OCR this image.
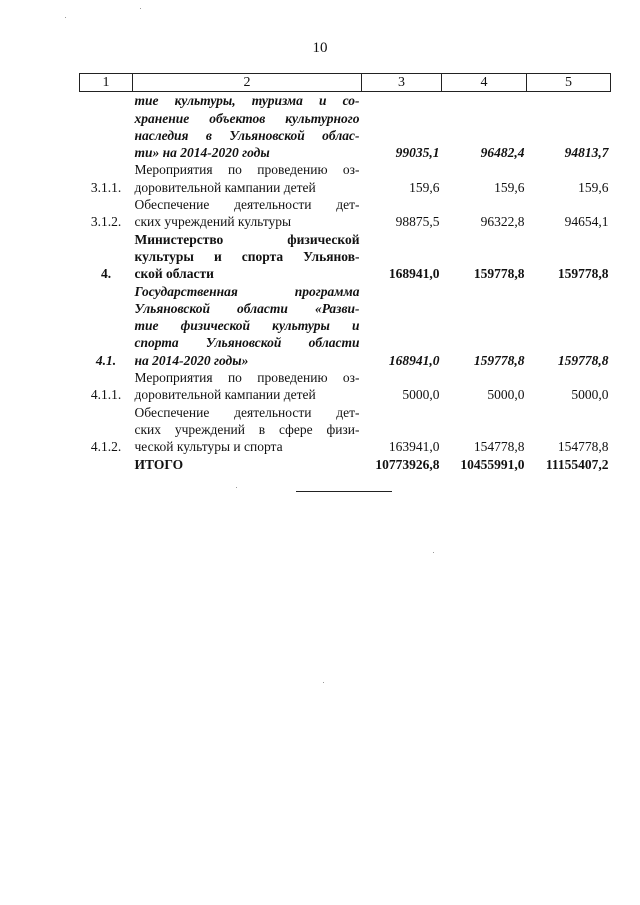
10
1	2	3	4	5

	тие культуры, туризма и со-
хранение объектов культурного
наследия в Ульяновской облас-
ти» на 2014-2020 годы	99035,1	96482,4	94813,7
3.1.1.	Мероприятия по проведению оз-
доровительной кампании детей	159,6	159,6	159,6
3.1.2.	Обеспечение деятельности дет-
ских учреждений культуры	98875,5	96322,8	94654,1
4.	Министерство физической
культуры и спорта Ульянов-
ской области	168941,0	159778,8	159778,8
4.1.	Государственная программа
Ульяновской области «Разви-
тие физической культуры и
спорта Ульяновской области
на 2014-2020 годы»	168941,0	159778,8	159778,8
4.1.1.	Мероприятия по проведению оз-
доровительной кампании детей	5000,0	5000,0	5000,0
4.1.2.	Обеспечение деятельности дет-
ских учреждений в сфере физи-
ческой культуры и спорта	163941,0	154778,8	154778,8

	ИТОГО	10773926,8	10455991,0	11155407,2
